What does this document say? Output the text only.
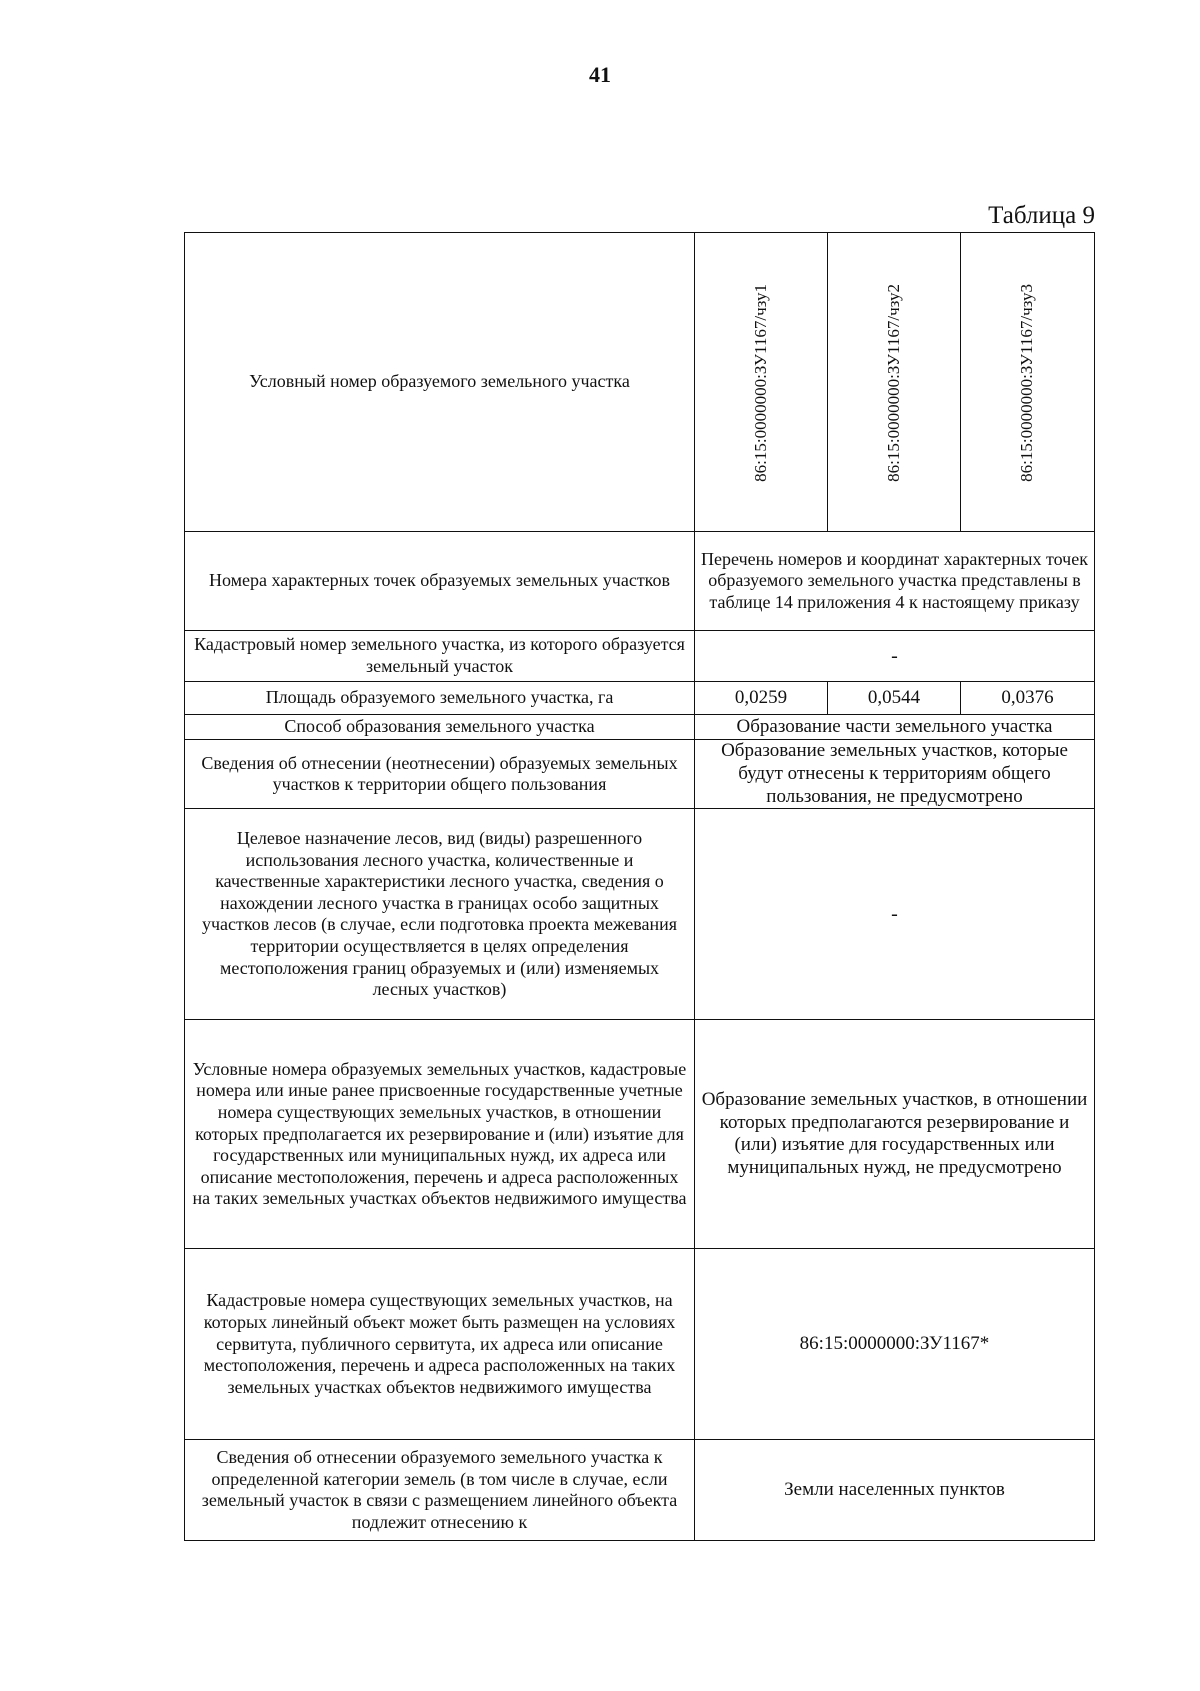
41
Таблица 9
Условный номер образуемого земельного участка	86:15:0000000:ЗУ1167/чзу1	86:15:0000000:ЗУ1167/чзу2	86:15:0000000:ЗУ1167/чзу3
Номера характерных точек образуемых земельных участков	Перечень номеров и координат характерных точек образуемого земельного участка представлены в таблице 14 приложения 4 к настоящему приказу		
Кадастровый номер земельного участка, из которого образуется земельный участок	-		
Площадь образуемого земельного участка, га	0,0259	0,0544	0,0376
Способ образования земельного участка	Образование части земельного участка		
Сведения об отнесении (неотнесении) образуемых земельных участков к территории общего пользования	Образование земельных участков, которые будут отнесены к территориям общего пользования, не предусмотрено		
Целевое назначение лесов, вид (виды) разрешенного использования лесного участка, количественные и качественные характеристики лесного участка, сведения о нахождении лесного участка в границах особо защитных участков лесов (в случае, если подготовка проекта межевания территории осуществляется в целях определения местоположения границ образуемых и (или) изменяемых лесных участков)	-		
Условные номера образуемых земельных участков, кадастровые номера или иные ранее присвоенные государственные учетные номера существующих земельных участков, в отношении которых предполагается их резервирование и (или) изъятие для государственных или муниципальных нужд, их адреса или описание местоположения, перечень и адреса расположенных на таких земельных участках объектов недвижимого имущества	Образование земельных участков, в отношении которых предполагаются резервирование и (или) изъятие для государственных или муниципальных нужд, не предусмотрено		
Кадастровые номера существующих земельных участков, на которых линейный объект может быть размещен на условиях сервитута, публичного сервитута, их адреса или описание местоположения, перечень и адреса расположенных на таких земельных участках объектов недвижимого имущества	86:15:0000000:ЗУ1167*		
Сведения об отнесении образуемого земельного участка к определенной категории земель (в том числе в случае, если земельный участок в связи с размещением линейного объекта подлежит отнесению к	Земли населенных пунктов		
